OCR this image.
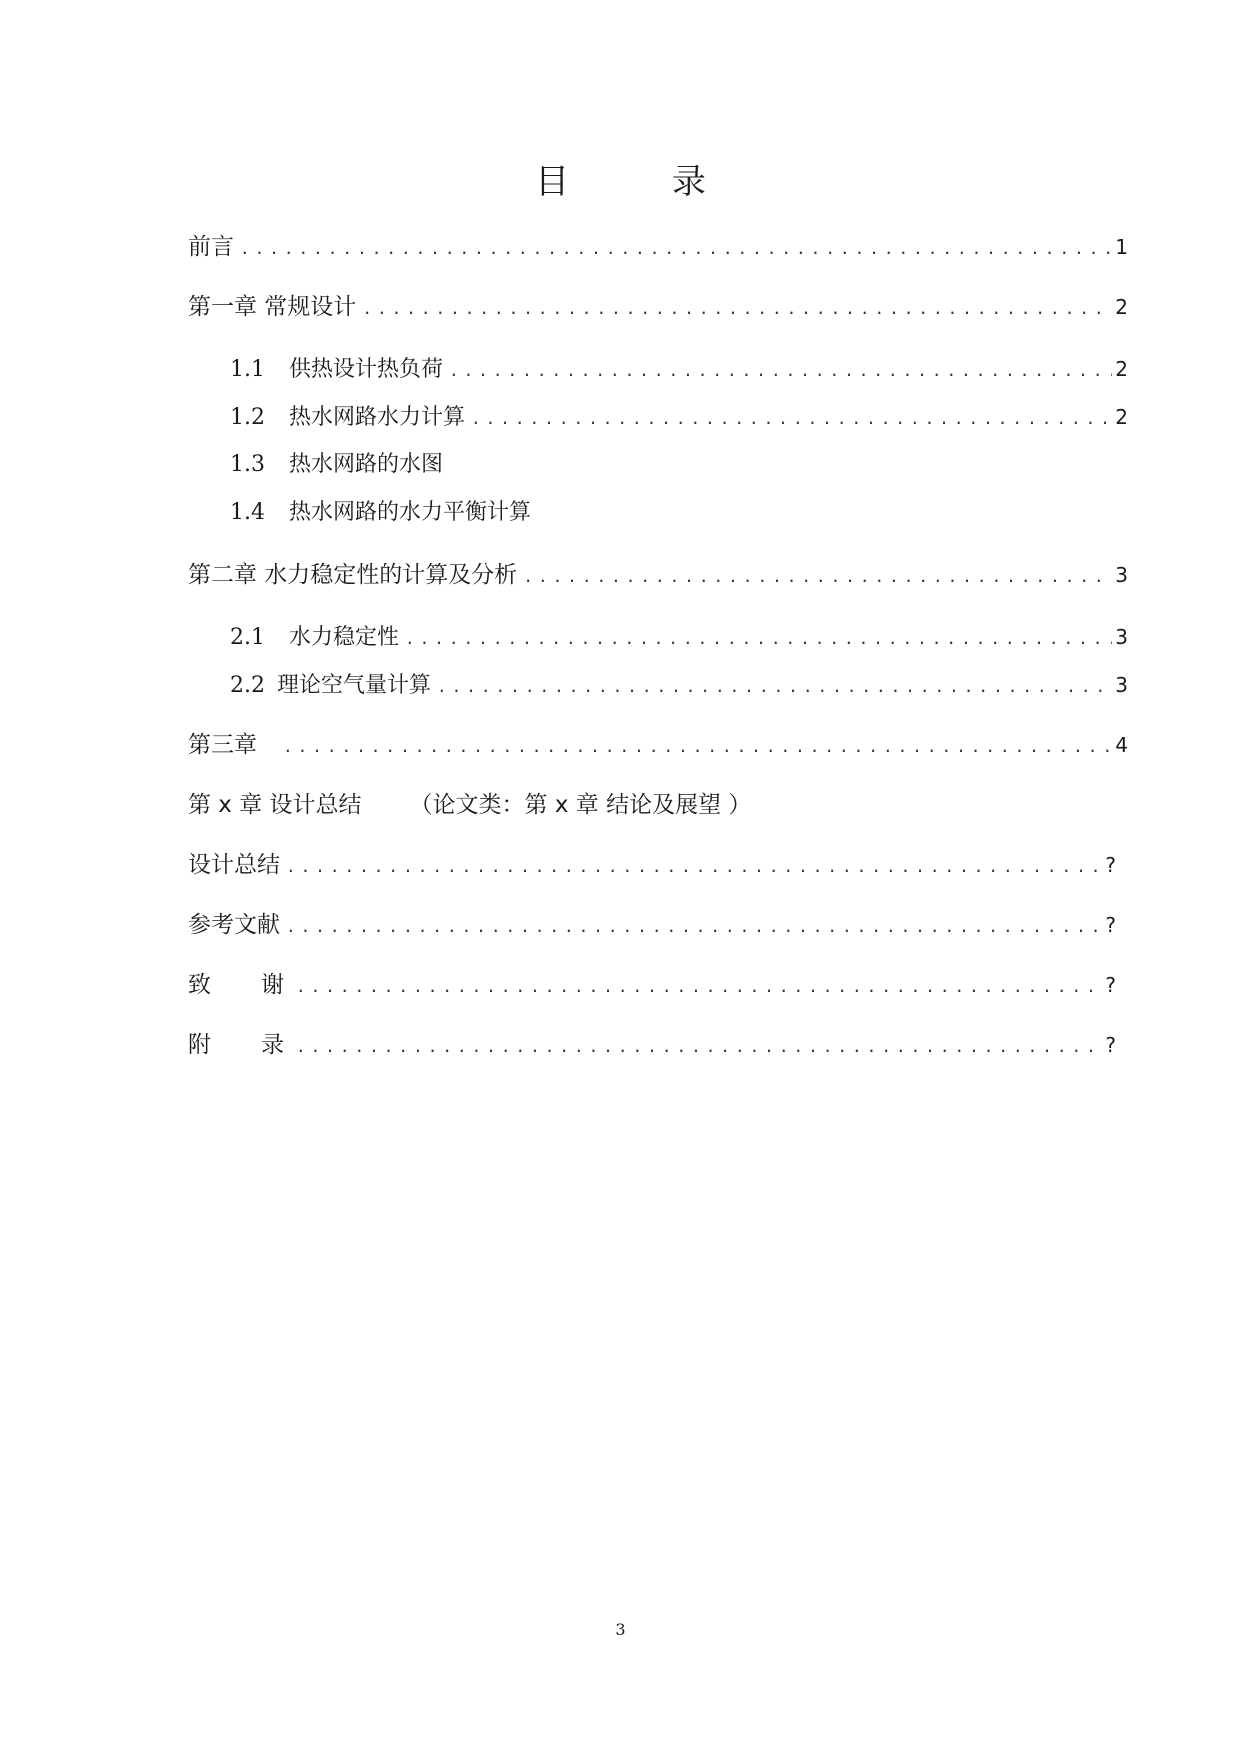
目 录
前言 .....	1
第一章 常规设计 .....	2
1.1 供热设计热负荷 .....	2
1.2 热水网路水力计算 .....	2
1.3 热水网路的水图
1.4 热水网路的水力平衡计算
第二章 水力稳定性的计算及分析 .....	3
2.1 水力稳定性 .....	3
2.2 理论空气量计算 .....	3
第三章 .....	4
第 x 章 设计总结 （论文类：第 x 章 结论及展望 ）
设计总结 .....	?
参考文献 .....	?
致谢 .....	?
附录 .....	?
3
